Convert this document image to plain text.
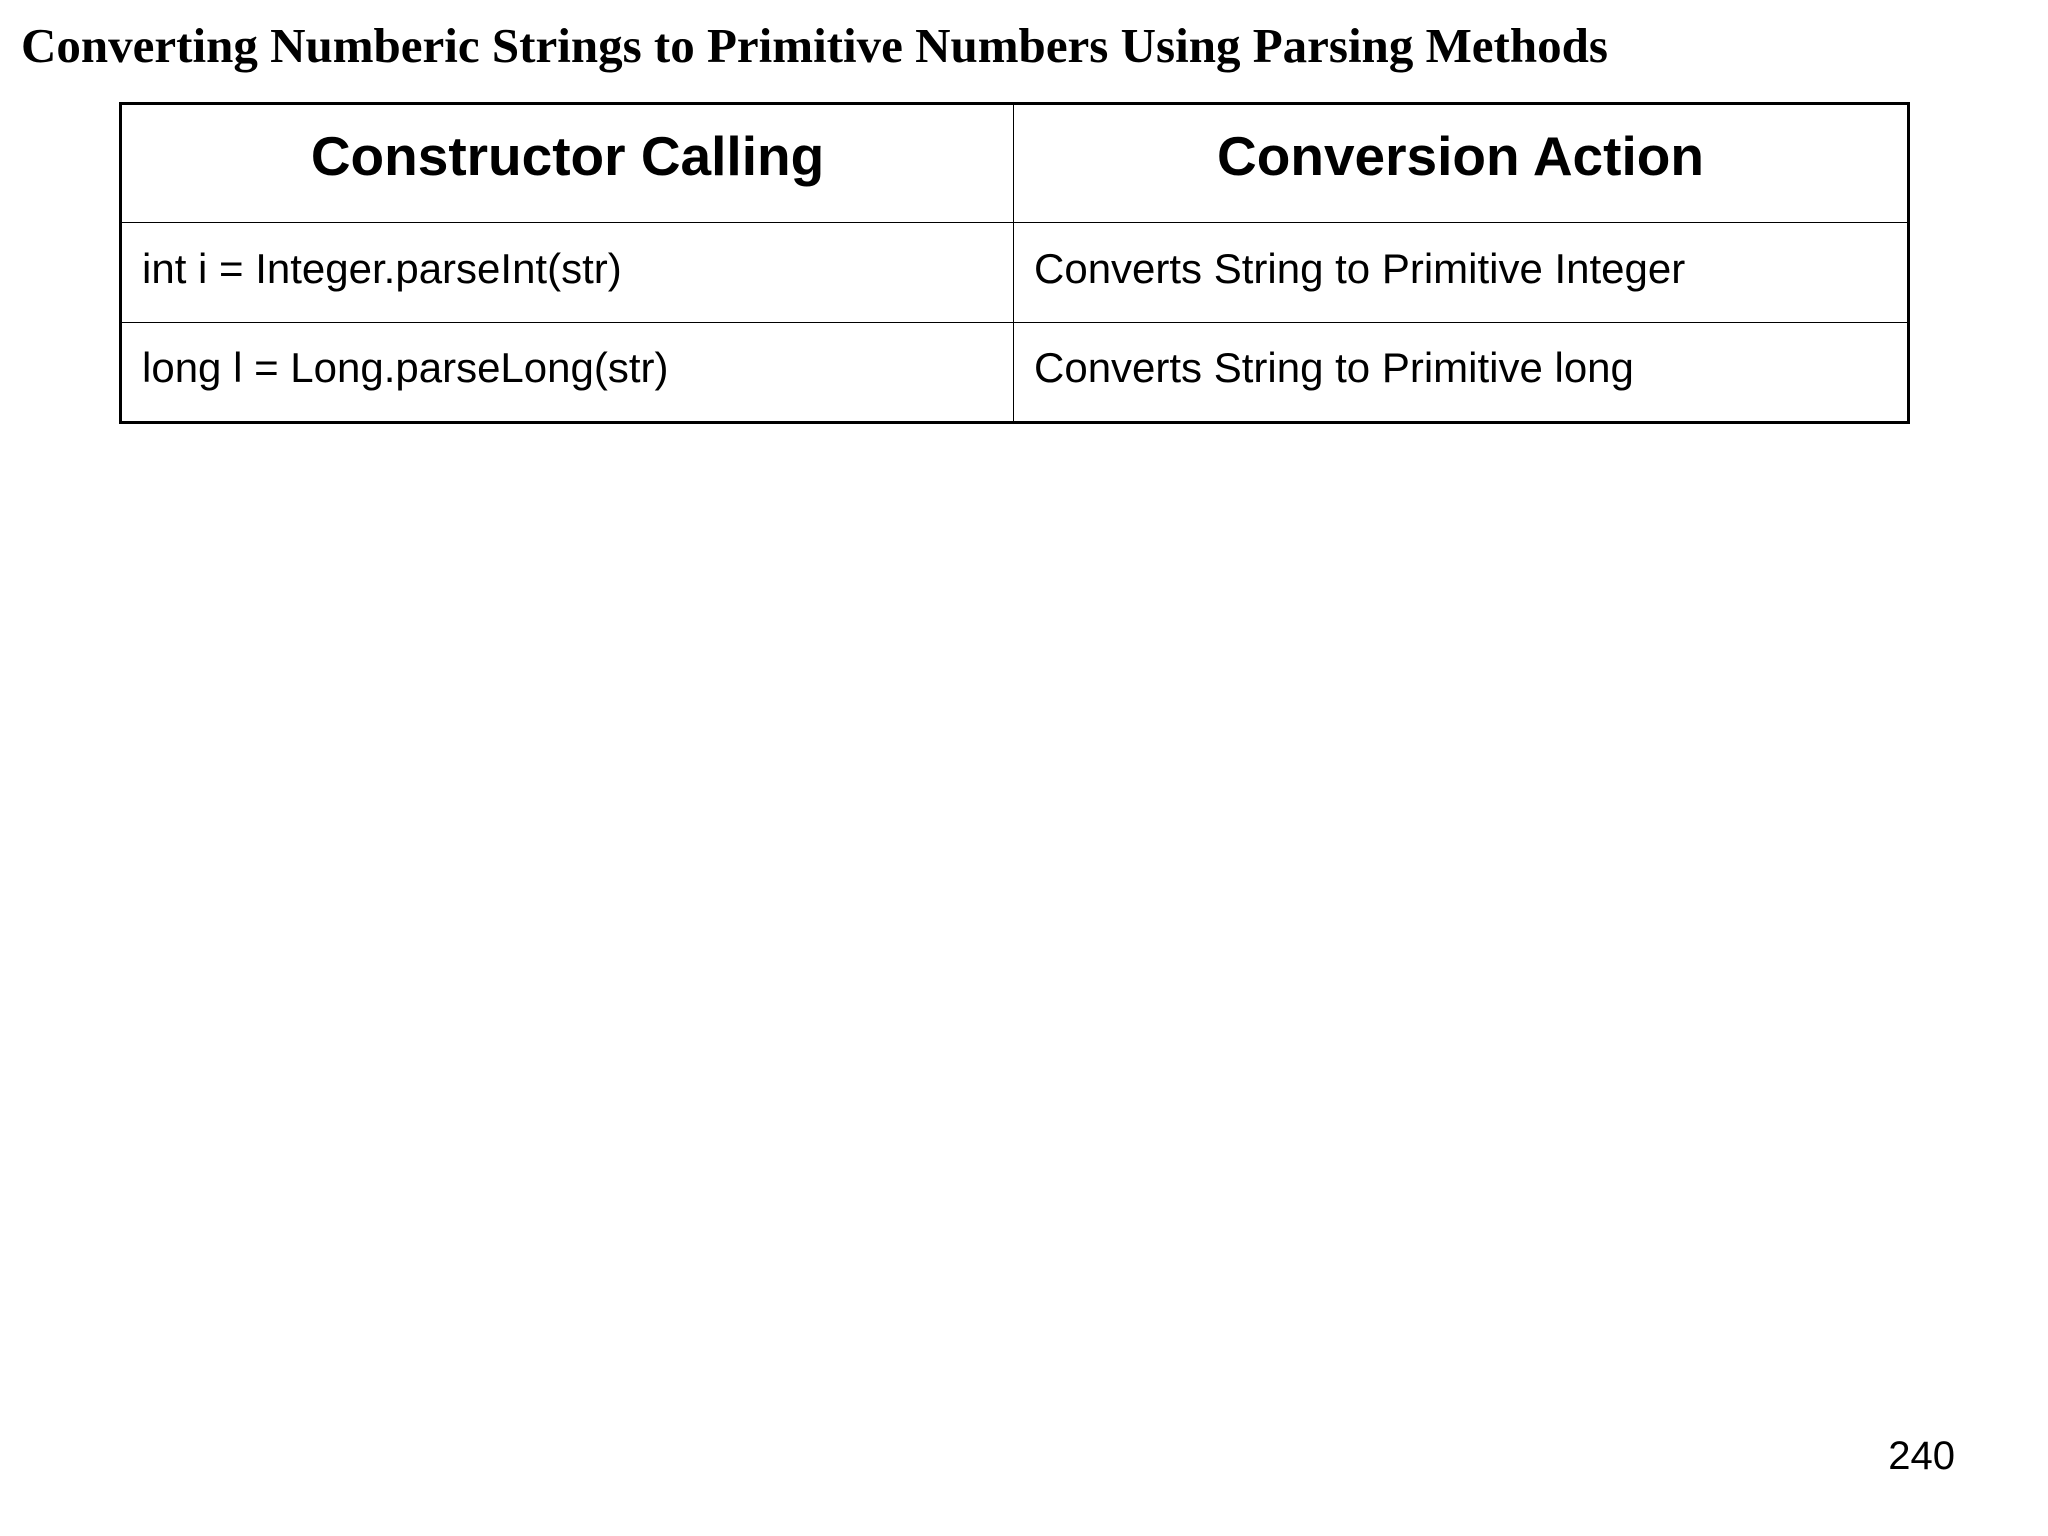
Converting Numberic Strings to Primitive Numbers Using Parsing Methods
Constructor Calling	Conversion Action
int i = Integer.parseInt(str)	Converts String to Primitive Integer
long l = Long.parseLong(str)	Converts String to Primitive long
240
